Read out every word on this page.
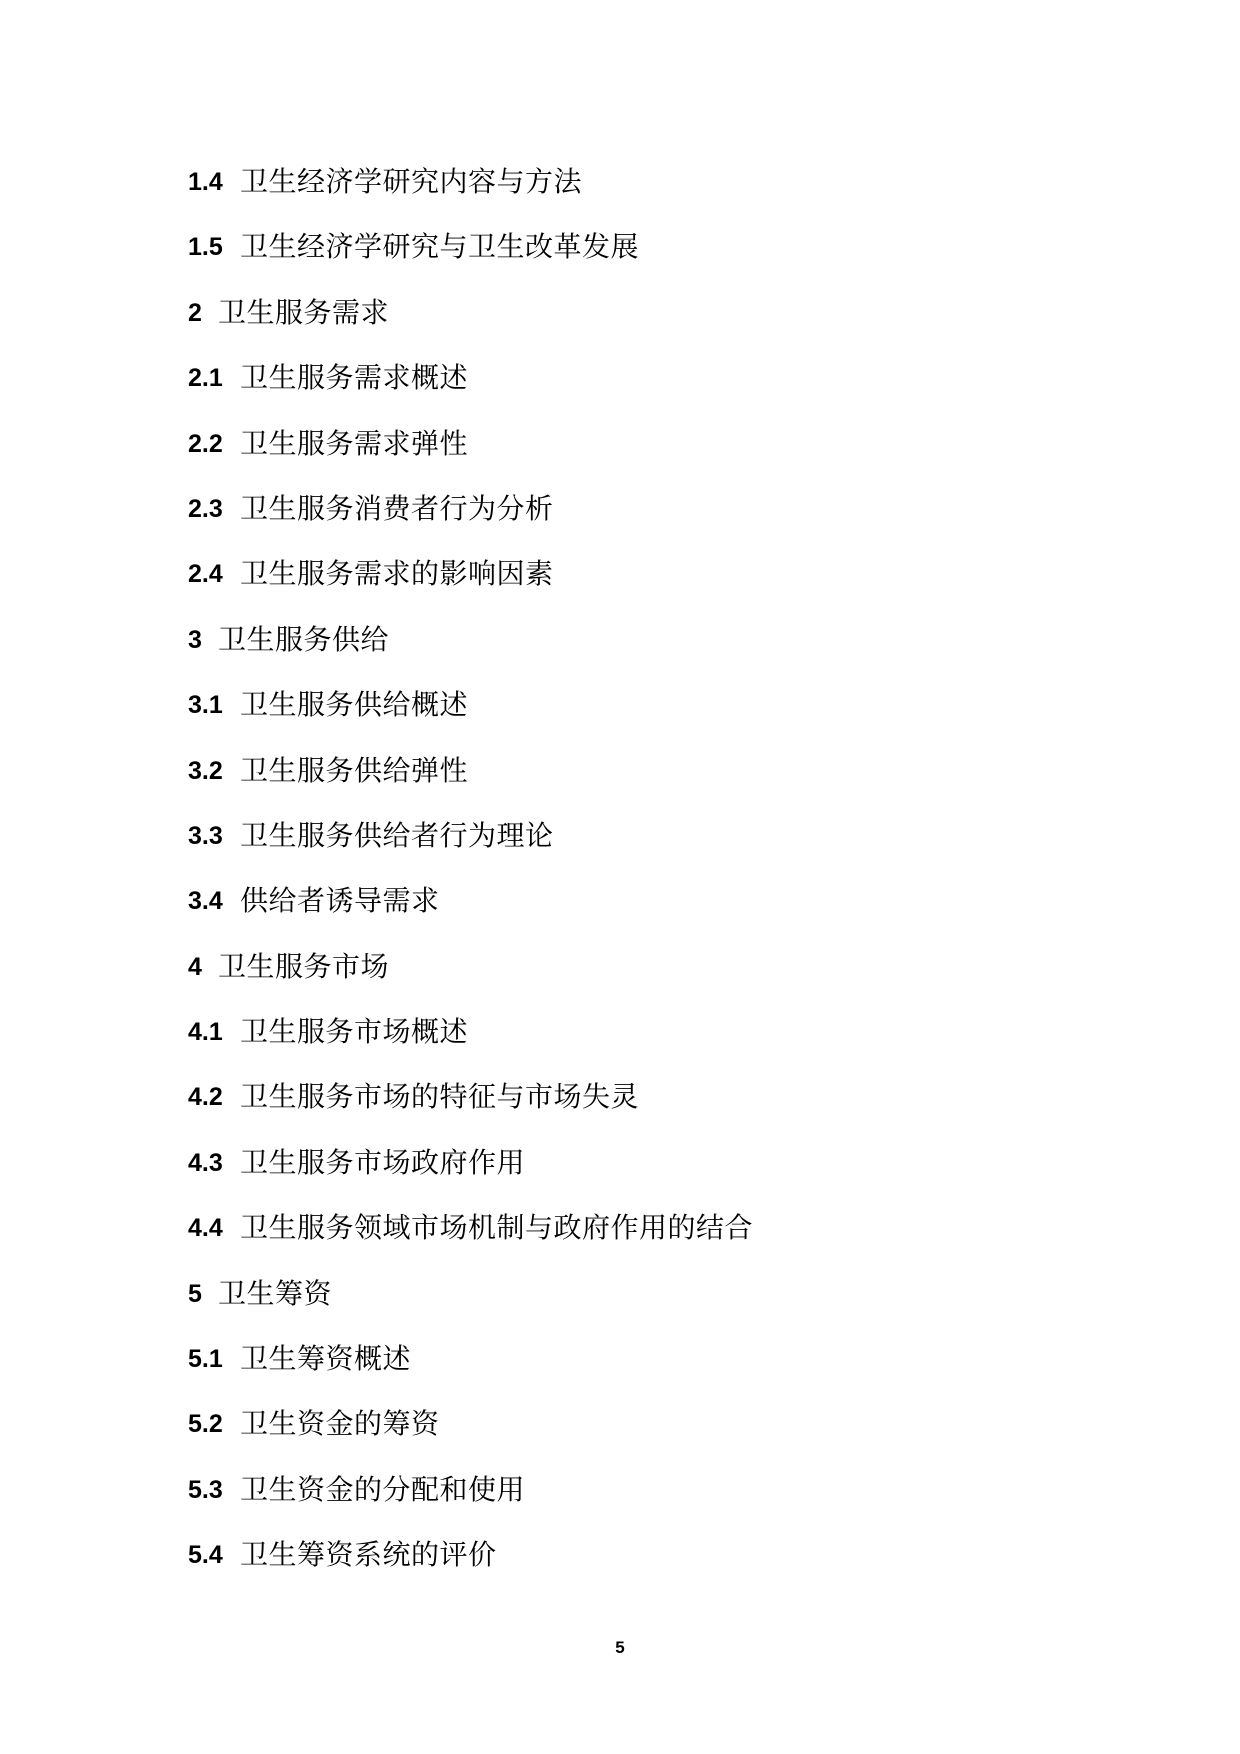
1.4 卫生经济学研究内容与方法
1.5 卫生经济学研究与卫生改革发展
2 卫生服务需求
2.1 卫生服务需求概述
2.2 卫生服务需求弹性
2.3 卫生服务消费者行为分析
2.4 卫生服务需求的影响因素
3 卫生服务供给
3.1 卫生服务供给概述
3.2 卫生服务供给弹性
3.3 卫生服务供给者行为理论
3.4 供给者诱导需求
4 卫生服务市场
4.1 卫生服务市场概述
4.2 卫生服务市场的特征与市场失灵
4.3 卫生服务市场政府作用
4.4 卫生服务领域市场机制与政府作用的结合
5 卫生筹资
5.1 卫生筹资概述
5.2 卫生资金的筹资
5.3 卫生资金的分配和使用
5.4 卫生筹资系统的评价
5
